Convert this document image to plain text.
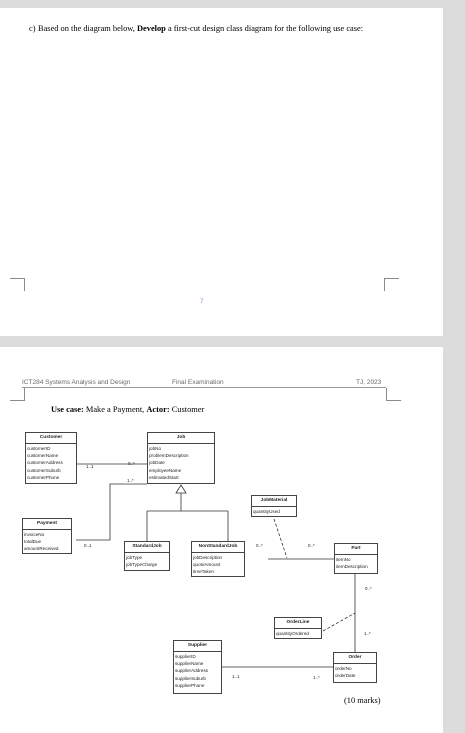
c) Based on the diagram below, Develop a first-cut design class diagram for the following use case:
7
ICT284 Systems Analysis and Design	Final Examination	TJ, 2023
Use case: Make a Payment, Actor: Customer
Customer
customerID
customerName
customerAddress
customerSuburb
customerPhone
Job
jobNo
problemDescription
jobDate
employeeName
estimatedStart
Payment
invoiceNo
totalDue
amountReceived
JobMaterial
quantityUsed
StandardJob
jobType
jobTypeCharge
NonStandardJob
jobDescription
quoteAmount
timeTaken
Part
itemNo
itemDescription
OrderLine
quantityOrdered
Supplier
supplierID
supplierName
supplierAddress
supplierSuburb
supplierPhone
Order
orderNo
orderDate
1..1
0..*
1..*
0..1	0..*	0..*
0..*
1..*
1..1	1..*
(10 marks)
